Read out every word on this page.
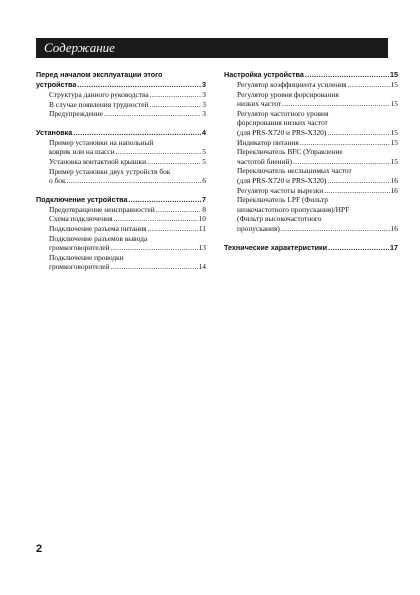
Содержание
Перед началом эксплуатации этого
устройства .....	3
Структура данного руководства .....	3
В случае появления трудностей .....	3
Предупреждение .....	3
Установка .....	4
Пример установки на напольный
коврик или на шасси .....	5
Установка контактной крышки .....	5
Пример установки двух устройств бок
о бок .....	6
Подключение устройства .....	7
Предотвращение неисправностей .....	8
Схема подключения .....	10
Подключение разъема питания .....	11
Подключение разъемов вывода
громкоговорителей .....	13
Подключение проводки
громкоговорителей .....	14
Настройка устройства .....	15
Регулятор коэффициента усиления .....	15
Регулятор уровня форсирования
низких частот .....	15
Регулятор частотного уровня
форсирования низких частот
(для PRS-X720 и PRS-X320) .....	15
Индикатор питания .....	15
Переключатель BFC (Управление
частотой биений) .....	15
Переключатель неслышимых частот
(для PRS-X720 и PRS-X320) .....	16
Регулятор частоты вырезки .....	16
Переключатель LPF (Фильтр
низкочастотного пропускания)/HPF
(Фильтр высокочастотного
пропускания) .....	16
Технические характеристики .....	17
2
